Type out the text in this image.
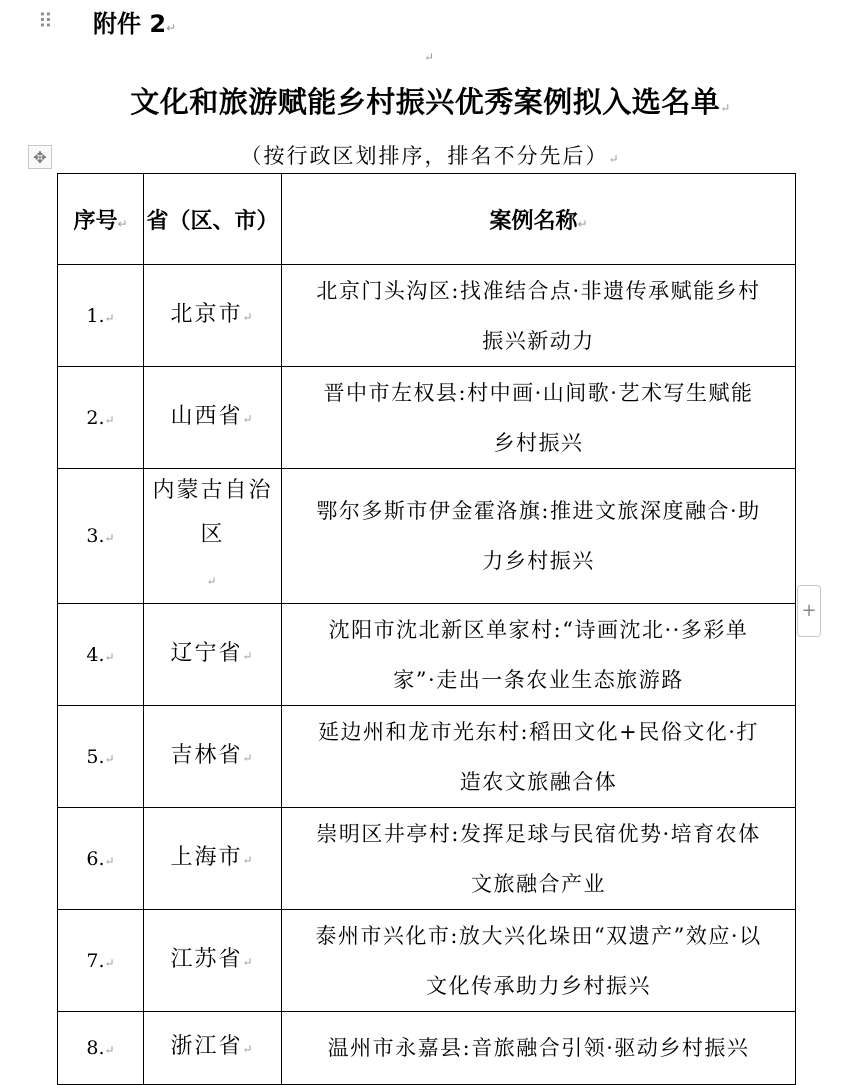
⠿ 附件 2↵
↵
文化和旅游赋能乡村振兴优秀案例拟入选名单↵
（按行政区划排序，排名不分先后）↵
✥
+
序号↵	省（区、市）	案例名称↵
1.↵	北京市↵	北京门头沟区:找准结合点·非遗传承赋能乡村
振兴新动力

2.↵	山西省↵	晋中市左权县:村中画·山间歌·艺术写生赋能
乡村振兴

3.↵	内蒙古自治
区
↵	鄂尔多斯市伊金霍洛旗:推进文旅深度融合·助
力乡村振兴

4.↵	辽宁省↵	沈阳市沈北新区单家村:“诗画沈北··多彩单
家”·走出一条农业生态旅游路

5.↵	吉林省↵	延边州和龙市光东村:稻田文化+民俗文化·打
造农文旅融合体

6.↵	上海市↵	崇明区井亭村:发挥足球与民宿优势·培育农体
文旅融合产业

7.↵	江苏省↵	泰州市兴化市:放大兴化垛田“双遗产”效应·以
文化传承助力乡村振兴

8.↵	浙江省↵	温州市永嘉县:音旅融合引领·驱动乡村振兴
